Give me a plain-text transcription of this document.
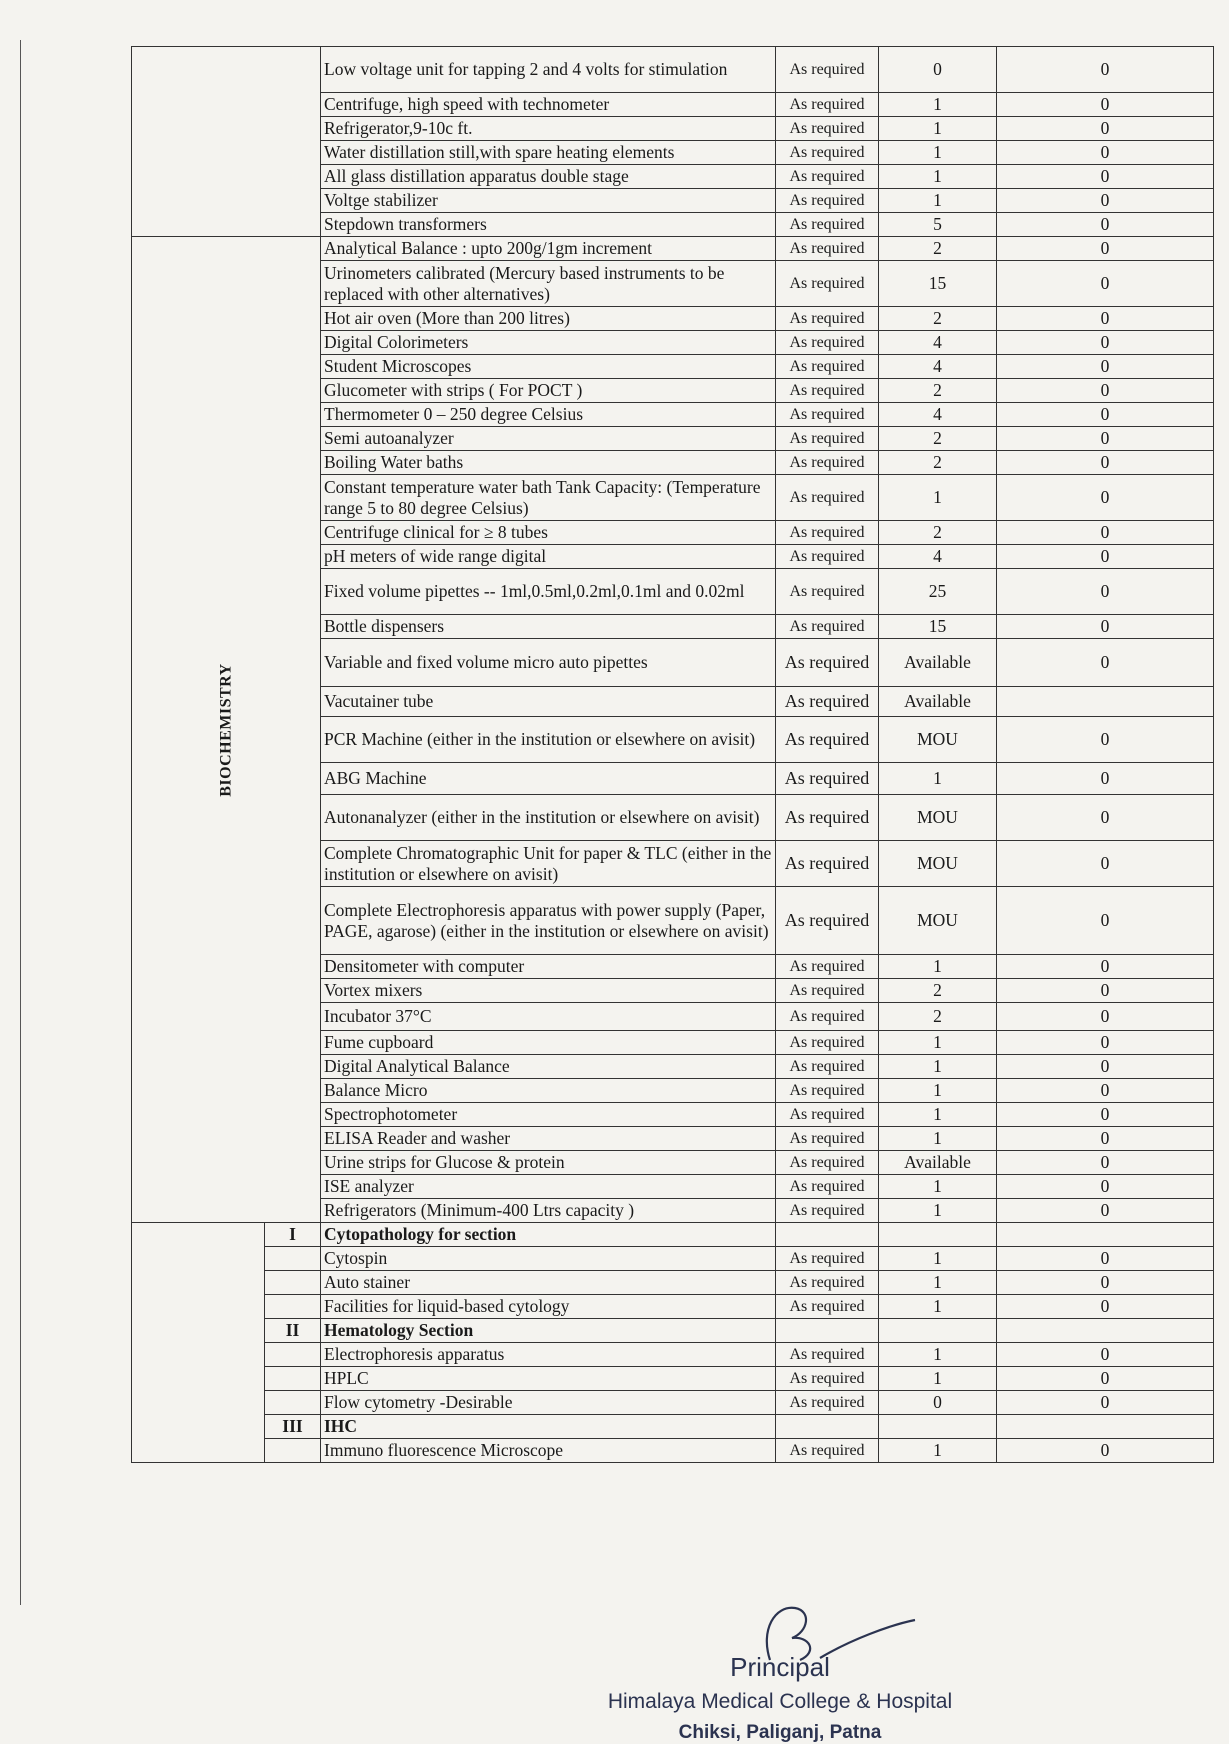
		Low voltage unit for tapping 2 and 4 volts for stimulation	As required	0	0
		Centrifuge, high speed with technometer	As required	1	0
		Refrigerator,9-10c ft.	As required	1	0
		Water distillation still,with spare heating elements	As required	1	0
		All glass distillation apparatus double stage	As required	1	0
		Voltge stabilizer	As required	1	0
		Stepdown transformers	As required	5	0

BIOCHEMISTRY		Analytical Balance : upto 200g/1gm increment	As required	2	0
		Urinometers calibrated (Mercury based instruments to be replaced with other alternatives)	As required	15	0
		Hot air oven (More than 200 litres)	As required	2	0
		Digital Colorimeters	As required	4	0
		Student Microscopes	As required	4	0
		Glucometer with strips ( For POCT )	As required	2	0
		Thermometer 0 – 250 degree Celsius	As required	4	0
		Semi autoanalyzer	As required	2	0
		Boiling Water baths	As required	2	0
		Constant temperature water bath Tank Capacity: (Temperature range 5 to 80 degree Celsius)	As required	1	0
		Centrifuge clinical for ≥ 8 tubes	As required	2	0
		pH meters of wide range digital	As required	4	0
		Fixed volume pipettes -- 1ml,0.5ml,0.2ml,0.1ml and 0.02ml	As required	25	0
		Bottle dispensers	As required	15	0
		Variable and fixed volume micro auto pipettes	As required	Available	0
		Vacutainer tube	As required	Available	
		PCR Machine (either in the institution or elsewhere on avisit)	As required	MOU	0
		ABG Machine	As required	1	0
		Autonanalyzer (either in the institution or elsewhere on avisit)	As required	MOU	0
		Complete Chromatographic Unit for paper & TLC (either in the institution or elsewhere on avisit)	As required	MOU	0
		Complete Electrophoresis apparatus with power supply (Paper, PAGE, agarose) (either in the institution or elsewhere on avisit)	As required	MOU	0
		Densitometer with computer	As required	1	0
		Vortex mixers	As required	2	0
		Incubator 37°C	As required	2	0
		Fume cupboard	As required	1	0
		Digital Analytical Balance	As required	1	0
		Balance Micro	As required	1	0
		Spectrophotometer	As required	1	0
		ELISA Reader and washer	As required	1	0
		Urine strips for Glucose & protein	As required	Available	0
		ISE analyzer	As required	1	0
		Refrigerators (Minimum-400 Ltrs capacity )	As required	1	0
	I	Cytopathology for section			
		Cytospin	As required	1	0
		Auto stainer	As required	1	0
		Facilities for liquid-based cytology	As required	1	0
	II	Hematology Section			
		Electrophoresis apparatus	As required	1	0
		HPLC	As required	1	0
		Flow cytometry -Desirable	As required	0	0
	III	IHC			
		Immuno fluorescence Microscope	As required	1	0
Principal
Himalaya Medical College & Hospital
Chiksi, Paliganj, Patna
